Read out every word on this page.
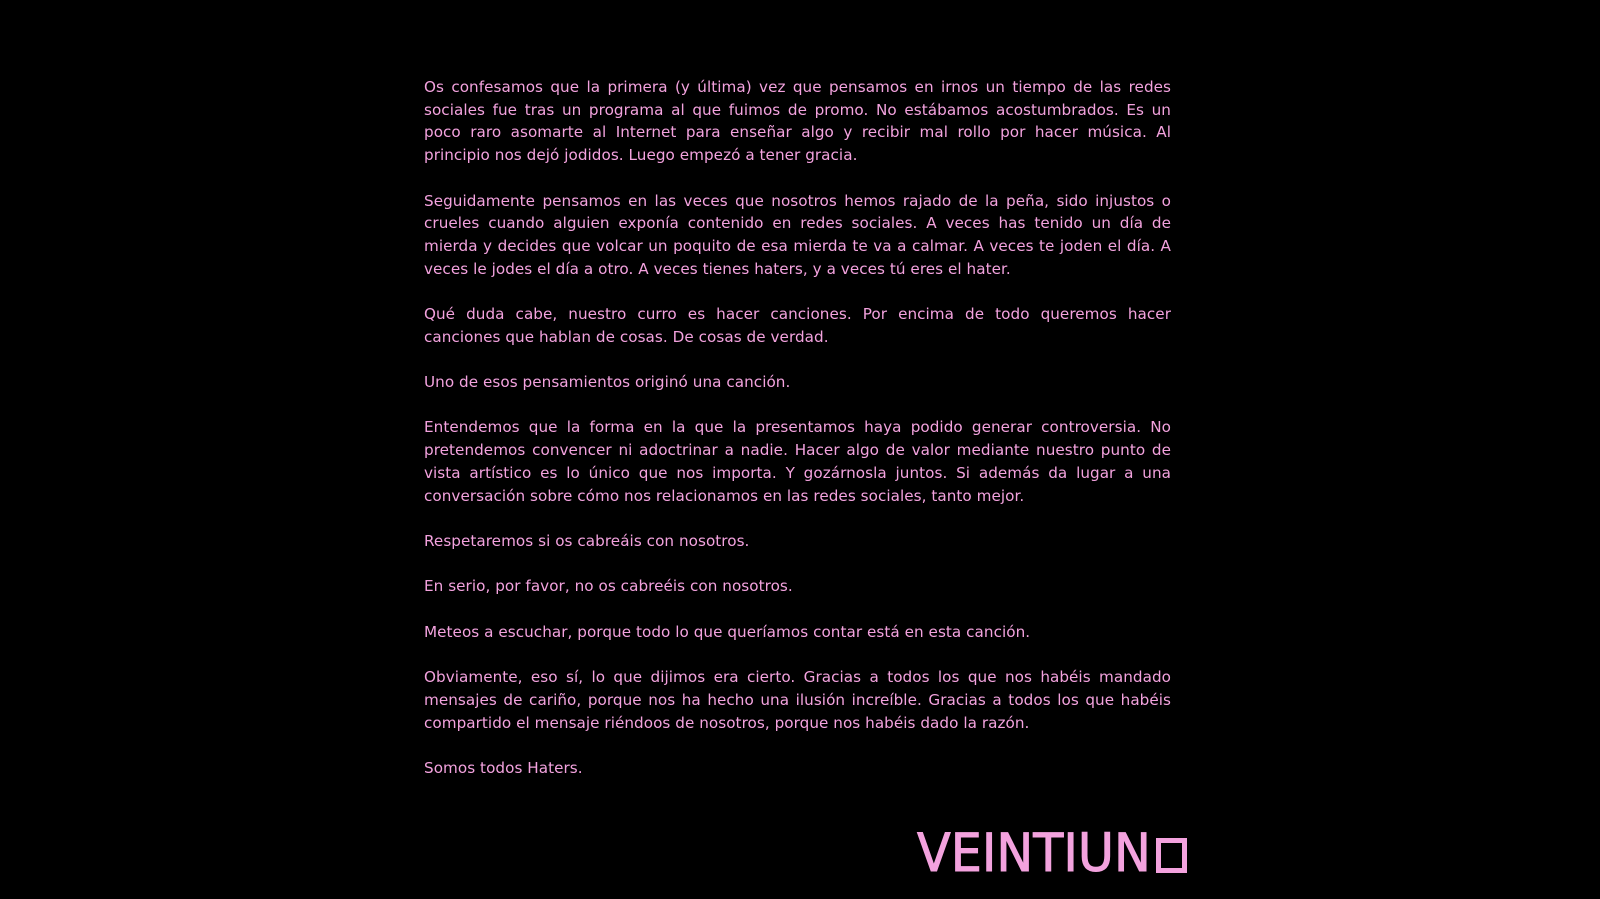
Os confesamos que la primera (y última) vez que pensamos en irnos un tiempo de las redes sociales fue tras un programa al que fuimos de promo. No estábamos acostumbrados. Es un poco raro asomarte al Internet para enseñar algo y recibir mal rollo por hacer música. Al principio nos dejó jodidos. Luego empezó a tener gracia.

Seguidamente pensamos en las veces que nosotros hemos rajado de la peña, sido injustos o crueles cuando alguien exponía contenido en redes sociales. A veces has tenido un día de mierda y decides que volcar un poquito de esa mierda te va a calmar. A veces te joden el día. A veces le jodes el día a otro. A veces tienes haters, y a veces tú eres el hater.

Qué duda cabe, nuestro curro es hacer canciones. Por encima de todo queremos hacer canciones que hablan de cosas. De cosas de verdad.

Uno de esos pensamientos originó una canción.

Entendemos que la forma en la que la presentamos haya podido generar controversia. No pretendemos convencer ni adoctrinar a nadie. Hacer algo de valor mediante nuestro punto de vista artístico es lo único que nos importa. Y gozárnosla juntos. Si además da lugar a una conversación sobre cómo nos relacionamos en las redes sociales, tanto mejor.

Respetaremos si os cabreáis con nosotros.

En serio, por favor, no os cabreéis con nosotros.

Meteos a escuchar, porque todo lo que queríamos contar está en esta canción.

Obviamente, eso sí, lo que dijimos era cierto. Gracias a todos los que nos habéis mandado mensajes de cariño, porque nos ha hecho una ilusión increíble. Gracias a todos los que habéis compartido el mensaje riéndoos de nosotros, porque nos habéis dado la razón.

Somos todos Haters.

VEINTIUN
